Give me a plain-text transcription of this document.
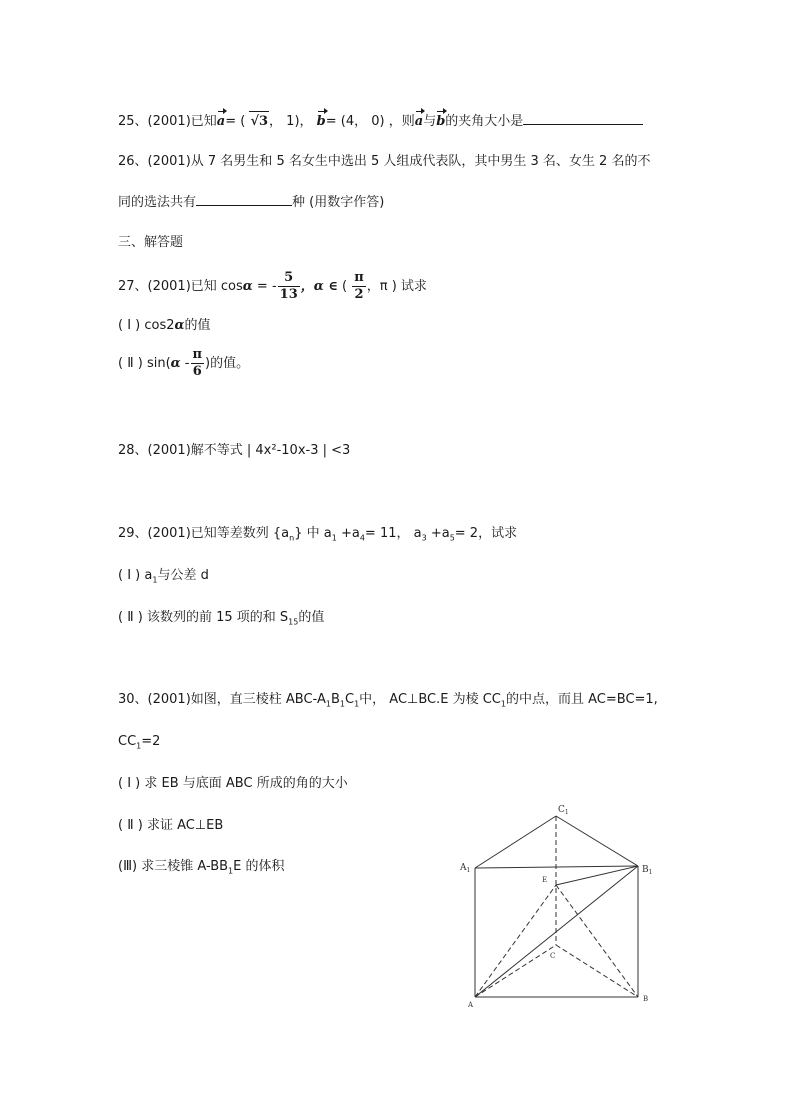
25、(2001)已知a= ( √3， 1)， b= (4， 0) ，则a与b的夹角大小是
26、(2001)从 7 名男生和 5 名女生中选出 5 人组成代表队，其中男生 3 名、女生 2 名的不
同的选法共有	种 (用数字作答)
三、解答题
27、(2001)已知 cosα = - $\frac{5}{13}$ ，α ∈ ( $\frac{\pi}{2}$ ，π ) 试求
( Ⅰ ) cos2α的值
( Ⅱ ) $\sin(\alpha - \frac{\pi}{6}$ )的值。
28、(2001)解不等式 | 4x²-10x-3 | <3
29、(2001)已知等差数列 $\{a_n\}$ 中 $a_1 +a_4= 11$， $a_3 +a_5= 2$，试求
( Ⅰ ) $a_1$与公差 d
( Ⅱ ) 该数列的前 15 项的和 $S_{15}$的值
30、(2001)如图，直三棱柱 ABC-$A_1B_1C_1$中， AC⊥BC.E 为棱 $CC_1$的中点，而且 AC=BC=1,
$CC_1=2$
( Ⅰ ) 求 EB 与底面 ABC 所成的角的大小
( Ⅱ ) 求证 AC⊥EB
(Ⅲ) 求三棱锥 $A-BB_1E$ 的体积
$C_1$
$A_1$	$B_1$
E
C
A
B
